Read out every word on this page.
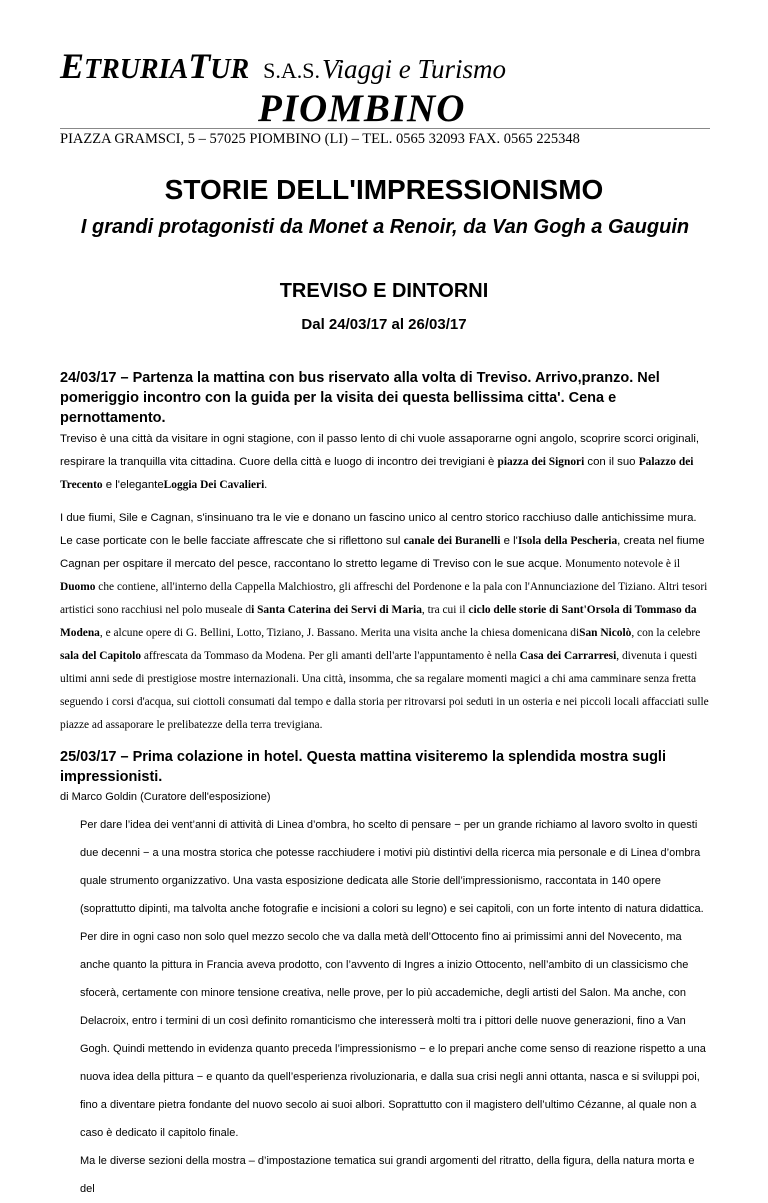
ETRURIATUR S.A.S.Viaggi e Turismo
PIOMBINO
PIAZZA GRAMSCI, 5 – 57025 PIOMBINO (LI) – TEL. 0565 32093 FAX. 0565 225348
STORIE DELL'IMPRESSIONISMO
I grandi protagonisti da Monet a Renoir, da Van Gogh a Gauguin
TREVISO E DINTORNI
Dal 24/03/17 al 26/03/17

24/03/17 – Partenza la mattina con bus riservato alla volta di Treviso. Arrivo,pranzo. Nel pomeriggio incontro con la guida per la visita dei questa bellissima citta'. Cena e pernottamento.

Treviso è una città da visitare in ogni stagione, con il passo lento di chi vuole assaporarne ogni angolo, scoprire scorci originali, respirare la tranquilla vita cittadina. Cuore della città e luogo di incontro dei trevigiani è piazza dei Signori con il suo Palazzo dei Trecento e l'eleganteLoggia Dei Cavalieri.

I due fiumi, Sile e Cagnan, s'insinuano tra le vie e donano un fascino unico al centro storico racchiuso dalle antichissime mura. Le case porticate con le belle facciate affrescate che si riflettono sul canale dei Buranelli e l'Isola della Pescheria, creata nel fiume Cagnan per ospitare il mercato del pesce, raccontano lo stretto legame di Treviso con le sue acque. Monumento notevole è il Duomo che contiene, all'interno della Cappella Malchiostro, gli affreschi del Pordenone e la pala con l'Annunciazione del Tiziano. Altri tesori artistici sono racchiusi nel polo museale di Santa Caterina dei Servi di Maria, tra cui il ciclo delle storie di Sant'Orsola di Tommaso da Modena, e alcune opere di G. Bellini, Lotto, Tiziano, J. Bassano. Merita una visita anche la chiesa domenicana diSan Nicolò, con la celebre sala del Capitolo affrescata da Tommaso da Modena. Per gli amanti dell'arte l'appuntamento è nella Casa dei Carrarresi, divenuta i questi ultimi anni sede di prestigiose mostre internazionali. Una città, insomma, che sa regalare momenti magici a chi ama camminare senza fretta seguendo i corsi d'acqua, sui ciottoli consumati dal tempo e dalla storia per ritrovarsi poi seduti in un osteria e nei piccoli locali affacciati sulle piazze ad assaporare le prelibatezze della terra trevigiana.

25/03/17 – Prima colazione in hotel. Questa mattina visiteremo la splendida mostra sugli impressionisti.

di Marco Goldin (Curatore dell'esposizione)

Per dare l’idea dei vent’anni di attività di Linea d’ombra, ho scelto di pensare − per un grande richiamo al lavoro svolto in questi due decenni − a una mostra storica che potesse racchiudere i motivi più distintivi della ricerca mia personale e di Linea d’ombra quale strumento organizzativo. Una vasta esposizione dedicata alle Storie dell’impressionismo, raccontata in 140 opere (soprattutto dipinti, ma talvolta anche fotografie e incisioni a colori su legno) e sei capitoli, con un forte intento di natura didattica. Per dire in ogni caso non solo quel mezzo secolo che va dalla metà dell’Ottocento fino ai primissimi anni del Novecento, ma anche quanto la pittura in Francia aveva prodotto, con l’avvento di Ingres a inizio Ottocento, nell’ambito di un classicismo che sfocerà, certamente con minore tensione creativa, nelle prove, per lo più accademiche, degli artisti del Salon. Ma anche, con Delacroix, entro i termini di un così definito romanticismo che interesserà molti tra i pittori delle nuove generazioni, fino a Van Gogh. Quindi mettendo in evidenza quanto preceda l’impressionismo − e lo prepari anche come senso di reazione rispetto a una nuova idea della pittura − e quanto da quell’esperienza rivoluzionaria, e dalla sua crisi negli anni ottanta, nasca e si sviluppi poi, fino a diventare pietra fondante del nuovo secolo ai suoi albori. Soprattutto con il magistero dell’ultimo Cézanne, al quale non a caso è dedicato il capitolo finale.

Ma le diverse sezioni della mostra – d’impostazione tematica sui grandi argomenti del ritratto, della figura, della natura morta e del
